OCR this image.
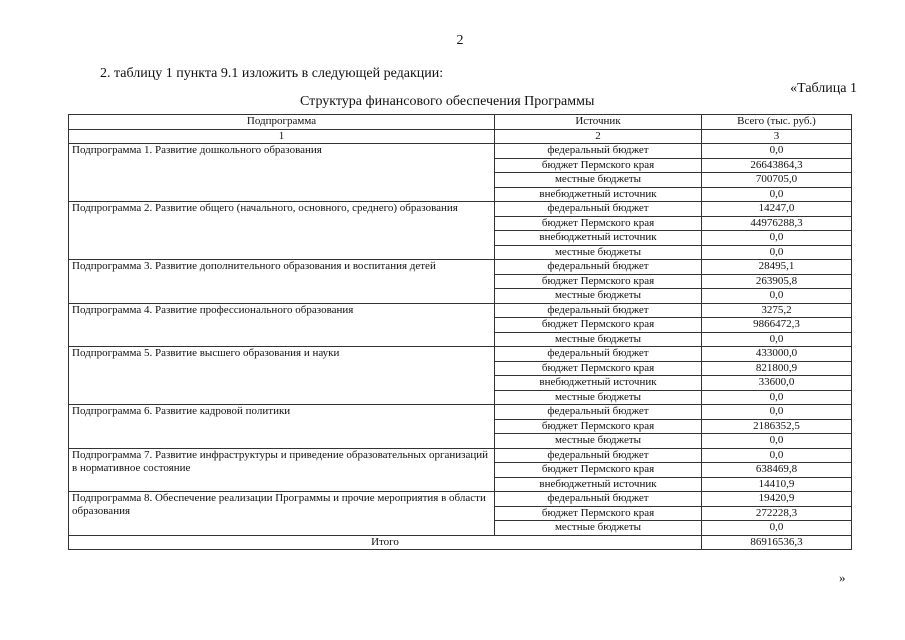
2
2. таблицу 1 пункта 9.1 изложить в следующей редакции:
«Таблица 1
Структура финансового обеспечения Программы
Подпрограмма	Источник	Всего (тыс. руб.)
1	2	3
Подпрограмма 1. Развитие дошкольного образования	федеральный бюджет	0,0
	бюджет Пермского края	26643864,3
	местные бюджеты	700705,0
	внебюджетный источник	0,0
Подпрограмма 2. Развитие общего (начального, основного, среднего) образования	федеральный бюджет	14247,0
	бюджет Пермского края	44976288,3
	внебюджетный источник	0,0
	местные бюджеты	0,0
Подпрограмма 3. Развитие дополнительного образования и воспитания детей	федеральный бюджет	28495,1
	бюджет Пермского края	263905,8
	местные бюджеты	0,0
Подпрограмма 4. Развитие профессионального образования	федеральный бюджет	3275,2
	бюджет Пермского края	9866472,3
	местные бюджеты	0,0
Подпрограмма 5. Развитие высшего образования и науки	федеральный бюджет	433000,0
	бюджет Пермского края	821800,9
	внебюджетный источник	33600,0
	местные бюджеты	0,0
Подпрограмма 6. Развитие кадровой политики	федеральный бюджет	0,0
	бюджет Пермского края	2186352,5
	местные бюджеты	0,0
Подпрограмма 7. Развитие инфраструктуры и приведение образовательных организаций в нормативное состояние	федеральный бюджет	0,0
	бюджет Пермского края	638469,8
	внебюджетный источник	14410,9
Подпрограмма 8. Обеспечение реализации Программы и прочие мероприятия в области образования	федеральный бюджет	19420,9
	бюджет Пермского края	272228,3
	местные бюджеты	0,0
Итого		86916536,3
»
